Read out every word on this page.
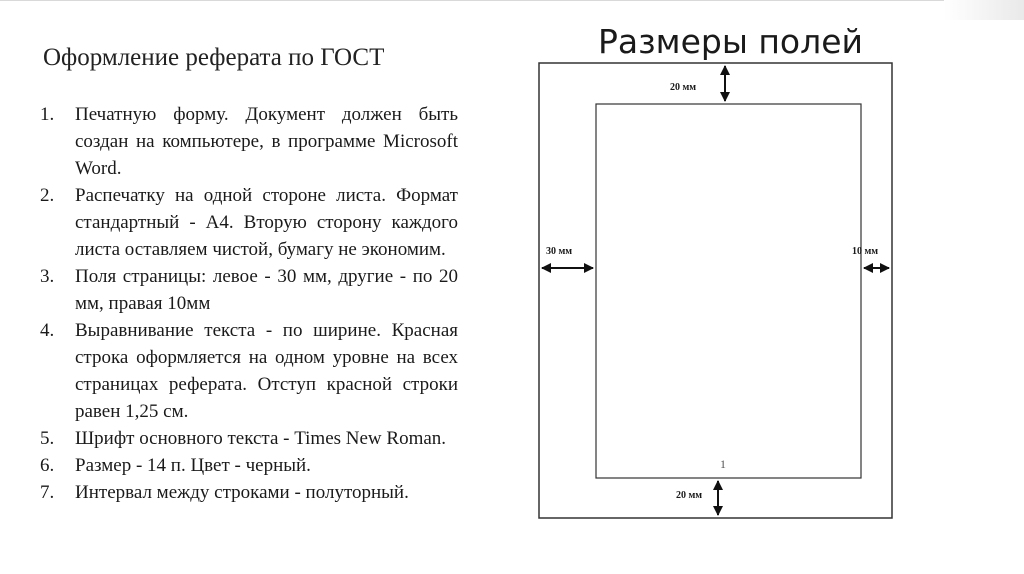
Оформление реферата по ГОСТ
1. Печатную форму. Документ должен быть создан на компьютере, в программе Microsoft Word.
2. Распечатку на одной стороне листа. Формат стандартный - А4. Вторую сторону каждого листа оставляем чистой, бумагу не экономим.
3. Поля страницы: левое - 30 мм, другие - по 20 мм, правая 10мм
4. Выравнивание текста - по ширине. Красная строка оформляется на одном уровне на всех страницах реферата. Отступ красной строки равен 1,25 см.
5. Шрифт основного текста - Times New Roman.
6. Размер - 14 п. Цвет - черный.
7. Интервал между строками - полуторный.
Размеры полей
20 мм
30 мм	10 мм
20 мм
1
